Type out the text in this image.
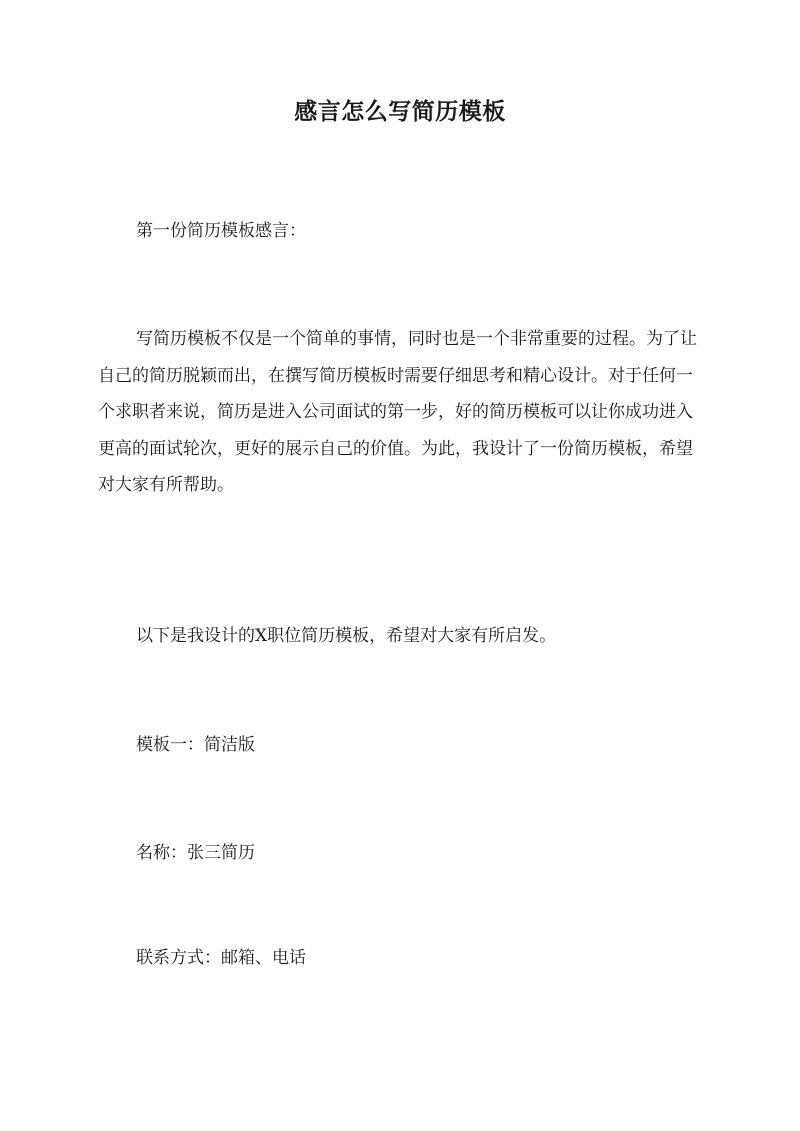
感言怎么写简历模板

第一份简历模板感言：

写简历模板不仅是一个简单的事情，同时也是一个非常重要的过程。为了让自己的简历脱颖而出，在撰写简历模板时需要仔细思考和精心设计。对于任何一个求职者来说，简历是进入公司面试的第一步，好的简历模板可以让你成功进入更高的面试轮次，更好的展示自己的价值。为此，我设计了一份简历模板，希望对大家有所帮助。

以下是我设计的X职位简历模板，希望对大家有所启发。

模板一：简洁版

名称：张三简历

联系方式：邮箱、电话
